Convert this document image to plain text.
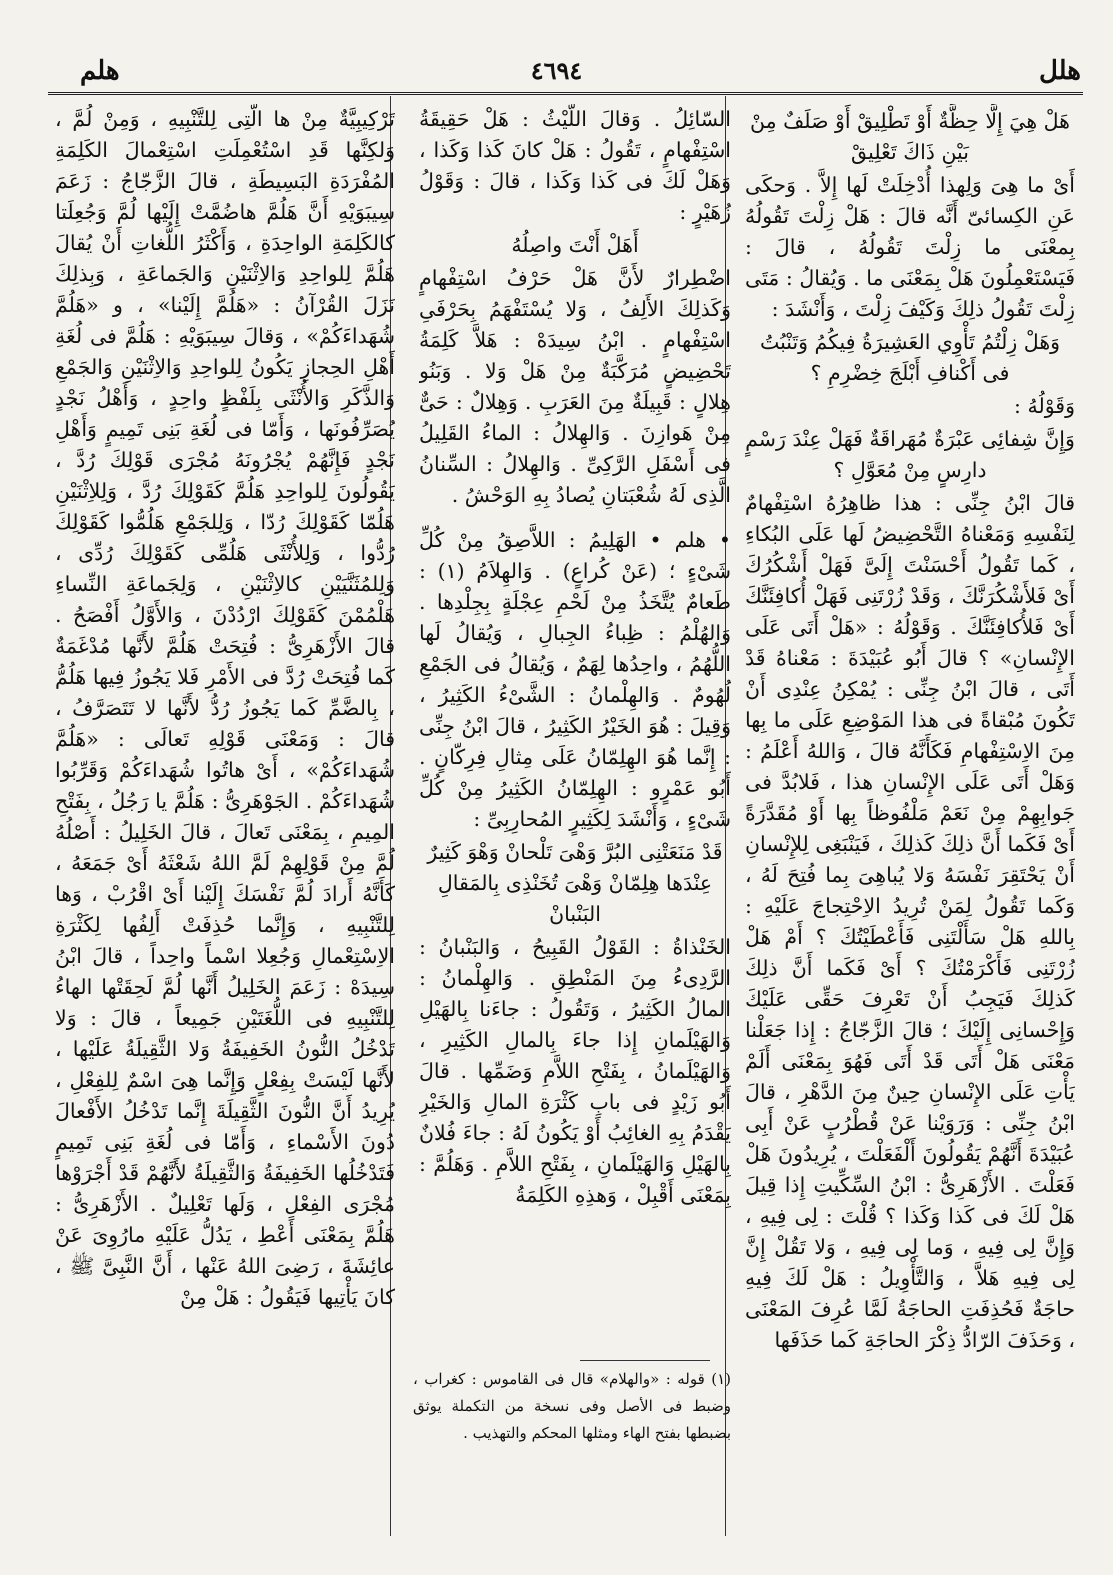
هلل
٤٦٩٤
هلم
هَلْ هِيَ إِلَّا حِظَّةٌ أَوْ تَطْلِيقْ أَوْ صَلَفٌ مِنْ بَيْنِ ذَاكَ تَعْلِيقْ

أَىْ ما هِىَ وَلِهذا أُدْخِلَتْ لَها إِلاَّ . وَحكَى عَنِ الكِسائىّ أَنَّه قالَ : هَلْ زِلْتَ تَقُولُهُ بِمعْنَى ما زِلْتَ تَقُولُهُ ، قالَ : فَيَسْتَعْمِلُونَ هَلْ بِمَعْنَى ما . وَيُقالُ : مَتَى زِلْتَ تَقُولُ ذلِكَ وَكَيْفَ زِلْتَ ، وَأَنْشَدَ :

وَهَلْ زِلْتُمُ تَأْوِي العَشِيرَةُ فِيكُمُ وَتَنْبُتُ فى أَكْنافِ أَبْلَجَ خِضْرِمِ ؟

وَقَوْلُهُ :

وَإِنَّ شِفائِى عَبْرَةٌ مُهَراقَةٌ فَهَلْ عِنْدَ رَسْمٍ دارِسٍ مِنْ مُعَوَّلِ ؟

قالَ ابْنُ جِنِّى : هذا ظاهِرُهُ اسْتِفْهامٌ لِنَفْسِهِ وَمَعْناهُ التَّحْضِيضُ لَها عَلَى البُكاءِ ، كَما تَقُولُ أَحْسَنْتَ إِلَىَّ فَهَلْ أَشْكُرُكَ أَىْ فَلأَشْكُرَنَّكَ ، وَقَدْ زُرْتَنِى فَهَلْ أُكافِئَنَّكَ أَىْ فَلأُكافِئَنَّكَ . وَقَوْلُهُ : «هَلْ أَتَى عَلَى الإِنْسانِ» ؟ قالَ أَبُو عُبَيْدَةَ : مَعْناهُ قَدْ أَتَى ، قالَ ابْنُ جِنِّى : يُمْكِنُ عِنْدِى أَنْ تَكُونَ مُبْقاةً فى هذا المَوْضِعِ عَلَى ما بِها مِنَ الاِسْتِفْهامِ فَكَأَنَّهُ قالَ ، وَاللهُ أَعْلَمُ : وَهَلْ أَتَى عَلَى الإِنْسانِ هذا ، فَلابُدَّ فى جَوابِهِمْ مِنْ نَعَمْ مَلْفُوظاً بِها أَوْ مُقَدَّرَةً أَىْ فَكَما أَنَّ ذلِكَ كَذلِكَ ، فَيَنْبَغِى لِلإِنْسانِ أَنْ يَحْتَقِرَ نَفْسَهُ وَلا يُباهِىَ بِما فُتِحَ لَهُ ، وَكَما تَقُولُ لِمَنْ تُرِيدُ الاِحْتِجاجَ عَلَيْهِ : بِاللهِ هَلْ سَأَلْتَنِى فَأَعْطَيْتُكَ ؟ أَمْ هَلْ زُرْتَنِى فَأَكْرَمْتُكَ ؟ أَىْ فَكَما أَنَّ ذلِكَ كَذلِكَ فَيَجِبُ أَنْ تَعْرِفَ حَقِّى عَلَيْكَ وَإِحْسانِى إِلَيْكَ ؛ قالَ الزَّجّاجُ : إِذا جَعَلْنا مَعْنَى هَلْ أَتَى قَدْ أَتَى فَهُوَ بِمَعْنَى أَلَمْ يَأْتِ عَلَى الإِنْسانِ حِينٌ مِنَ الدَّهْرِ ، قالَ ابْنُ جِنِّى : وَرَوَيْنا عَنْ قُطْرُبٍ عَنْ أَبِى عُبَيْدَةَ أَنَّهُمْ يَقُولُونَ أَلْفَعَلْتَ ، يُرِيدُونَ هَلْ فَعَلْتَ . الأَزْهَرِىُّ : ابْنُ السِّكِّيتِ إِذا قِيلَ هَلْ لَكَ فى كَذا وَكَذا ؟ قُلْتَ : لِى فِيهِ ، وَإِنَّ لِى فِيهِ ، وَما لِى فِيهِ ، وَلا تَقُلْ إِنَّ لِى فِيهِ هَلاَّ ، وَالتَّأْوِيلُ : هَلْ لَكَ فِيهِ حاجَةٌ فَحُذِفَتِ الحاجَةُ لَمَّا عُرِفَ المَعْنَى ، وَحَذَفَ الرّادُّ ذِكْرَ الحاجَةِ كَما حَذَفَها

السّائِلُ . وَقالَ اللَّيْثُ : هَلْ حَقِيقَةُ اسْتِفْهامٍ ، تَقُولُ : هَلْ كانَ كَذا وَكَذا ، وَهَلْ لَكَ فى كَذا وَكَذا ، قالَ : وَقَوْلُ زُهَيْرٍ :

أَهَلْ أَنْتَ واصِلُهُ

اضْطِرارٌ لأَنَّ هَلْ حَرْفُ اسْتِفْهامٍ وَكَذلِكَ الأَلِفُ ، وَلا يُسْتَفْهَمُ بِحَرْفَىِ اسْتِفْهامٍ . ابْنُ سِيدَهْ : هَلاَّ كَلِمَةُ تَحْضِيضٍ مُرَكَّبَةٌ مِنْ هَلْ وَلا . وَبَنُو هِلالٍ : قَبِيلَةٌ مِنَ العَرَبِ . وَهِلالٌ : حَىٌّ مِنْ هَوازِنَ . وَالهِلالُ : الماءُ القَلِيلُ فى أَسْفَلِ الرَّكِىِّ . وَالهِلالُ : السِّنانُ الَّذِى لَهُ شُعْبَتانِ يُصادُ بِهِ الوَحْشُ .

• هلم • الهَلِيمُ : اللاَّصِقُ مِنْ كُلِّ شَىْءٍ ؛ (عَنْ كُراعٍ) . وَالهِلاَمُ (١) : طَعامٌ يُتَّخَذُ مِنْ لَحْمِ عِجْلَةٍ بِجِلْدِها . وَالهُلْمُ : ظِباءُ الجِبالِ ، وَيُقالُ لَها اللُّهُمُ ، واحِدُها لِهَمٌ ، وَيُقالُ فى الجَمْعِ لُهُومٌ . وَالهِلْمانُ : الشَّىْءُ الكَثِيرُ ، وَقِيلَ : هُوَ الخَيْرُ الكَثِيرُ ، قالَ ابْنُ جِنِّى : إِنَّما هُوَ الهِلِمّانُ عَلَى مِثالِ فِرِكّانٍ . أَبُو عَمْرٍو : الهِلِمّانُ الكَثِيرُ مِنْ كُلِّ شَىْءٍ ، وَأَنْشَدَ لِكَثِيرٍ المُحارِبِىِّ :

قَدْ مَنَعَتْنِى البُرَّ وَهْىَ تَلْحانْ وَهْوَ كَثِيرٌ عِنْدَها هِلِمّانْ وَهْىَ تُخَنْذِى بِالمَقالِ البَنْبانْ

الخَنْذاةُ : القَوْلُ القَبِيحُ ، وَالبَنْبانُ : الرَّدِىءُ مِنَ المَنْطِقِ . وَالهِلْمانُ : المالُ الكَثِيرُ ، وَتَقُولُ : جاءَنا بِالهَيْلِ وَالهَيْلَمانِ إِذا جاءَ بِالمالِ الكَثِيرِ ، وَالهَيْلَمانُ ، بِفَتْحِ اللاَّمِ وَضَمِّها . قالَ أَبُو زَيْدٍ فى بابِ كَثْرَةِ المالِ وَالخَيْرِ يَقْدَمُ بِهِ الغائِبُ أَوْ يَكُونُ لَهُ : جاءَ فُلانٌ بِالهَيْلِ وَالهَيْلَمانِ ، بِفَتْحِ اللاَّمِ . وَهَلُمَّ : بِمَعْنَى أَقْبِلْ ، وَهذِهِ الكَلِمَةُ

(١) قوله : «والهلام» قال فى القاموس : كغراب ، وضبط فى الأصل وفى نسخة من التكملة يوثق بضبطها بفتح الهاء ومثلها المحكم والتهذيب .

تَرْكِيبِيَّةٌ مِنْ ها الَّتِى لِلتَّنْبِيهِ ، وَمِنْ لُمَّ ، وَلكِنَّها قَدِ اسْتُعْمِلَتِ اسْتِعْمالَ الكَلِمَةِ المُفْرَدَةِ البَسِيطَةِ ، قالَ الزَّجّاجُ : زَعَمَ سِيبَوَيْهِ أَنَّ هَلُمَّ هاضُمَّتْ إِلَيْها لُمَّ وَجُعِلَتا كالكَلِمَةِ الواحِدَةِ ، وَأَكْثَرُ اللُّغاتِ أَنْ يُقالَ هَلُمَّ لِلواحِدِ وَالاِثْنَيْنِ وَالجَماعَةِ ، وَبِذلِكَ نَزَلَ القُرْآنُ : «هَلُمَّ إِلَيْنا» ، و «هَلُمَّ شُهَداءَكُمْ» ، وَقالَ سِيبَوَيْهِ : هَلُمَّ فى لُغَةِ أَهْلِ الحِجازِ يَكُونُ لِلواحِدِ وَالاِثْنَيْنِ وَالجَمْعِ وَالذَّكَرِ وَالأُنْثَى بِلَفْظٍ واحِدٍ ، وَأَهْلُ نَجْدٍ يُصَرِّفُونَها ، وَأَمّا فى لُغَةِ بَنِى تَمِيمٍ وَأَهْلِ نَجْدٍ فَإِنَّهُمْ يُجْرُونَهُ مُجْرَى قَوْلِكَ رُدَّ ، يَقُولُونَ لِلواحِدِ هَلُمَّ كَقَوْلِكَ رُدَّ ، وَلِلاِثْنَيْنِ هَلُمّا كَقَوْلِكَ رُدّا ، وَلِلجَمْعِ هَلُمُّوا كَقَوْلِكَ رُدُّوا ، وَلِلأُنْثَى هَلُمِّى كَقَوْلِكَ رُدِّى ، وَلِلمُثَنَّيَيْنِ كالاِثْنَيْنِ ، وَلِجَماعَةِ النِّساءِ هَلْمُمْنَ كَقَوْلِكَ ارْدُدْنَ ، وَالأَوَّلُ أَفْصَحُ . قالَ الأَزْهَرِىُّ : فُتِحَتْ هَلُمَّ لأَنَّها مُدْغَمَةٌ كَما فُتِحَتْ رُدَّ فى الأَمْرِ فَلا يَجُوزُ فِيها هَلُمُّ ، بِالضَّمِّ كَما يَجُوزُ رُدُّ لأَنَّها لا تَتَصَرَّفُ ، قالَ : وَمَعْنَى قَوْلِهِ تَعالَى : «هَلُمَّ شُهَداءَكُمْ» ، أَىْ هاتُوا شُهَداءَكُمْ وَقَرِّبُوا شُهَداءَكُمْ . الجَوْهَرِىُّ : هَلُمَّ يا رَجُلُ ، بِفَتْحِ المِيمِ ، بِمَعْنَى تَعالَ ، قالَ الخَلِيلُ : أَصْلُهُ لُمَّ مِنْ قَوْلِهِمْ لَمَّ اللهُ شَعْثَهُ أَىْ جَمَعَهُ ، كَأَنَّهُ أَرادَ لُمَّ نَفْسَكَ إِلَيْنا أَىْ اقْرُبْ ، وَها لِلتَّنْبِيهِ ، وَإِنَّما حُذِفَتْ أَلِفُها لِكَثْرَةِ الاِسْتِعْمالِ وَجُعِلا اسْماً واحِداً ، قالَ ابْنُ سِيدَهْ : زَعَمَ الخَلِيلُ أَنَّها لُمَّ لَحِقَتْها الهاءُ لِلتَّنْبِيهِ فى اللُّغَتَيْنِ جَمِيعاً ، قالَ : وَلا تَدْخُلُ النُّونُ الخَفِيفَةُ وَلا الثَّقِيلَةُ عَلَيْها ، لأَنَّها لَيْسَتْ بِفِعْلٍ وَإِنَّما هِىَ اسْمٌ لِلفِعْلِ ، يُرِيدُ أَنَّ النُّونَ الثَّقِيلَةَ إِنَّما تَدْخُلُ الأَفْعالَ دُونَ الأَسْماءِ ، وَأَمّا فى لُغَةِ بَنِى تَمِيمٍ فَتَدْخُلُها الخَفِيفَةُ وَالثَّقِيلَةُ لأَنَّهُمْ قَدْ أَجْرَوْها مُجْرَى الفِعْلِ ، وَلَها تَعْلِيلٌ . الأَزْهَرِىُّ : هَلُمَّ بِمَعْنَى أَعْطِ ، يَدُلُّ عَلَيْهِ مارُوِىَ عَنْ عائِشَةَ ، رَضِىَ اللهُ عَنْها ، أَنَّ النَّبِىَّ ﷺ ، كانَ يَأْتِيها فَيَقُولُ : هَلْ مِنْ
